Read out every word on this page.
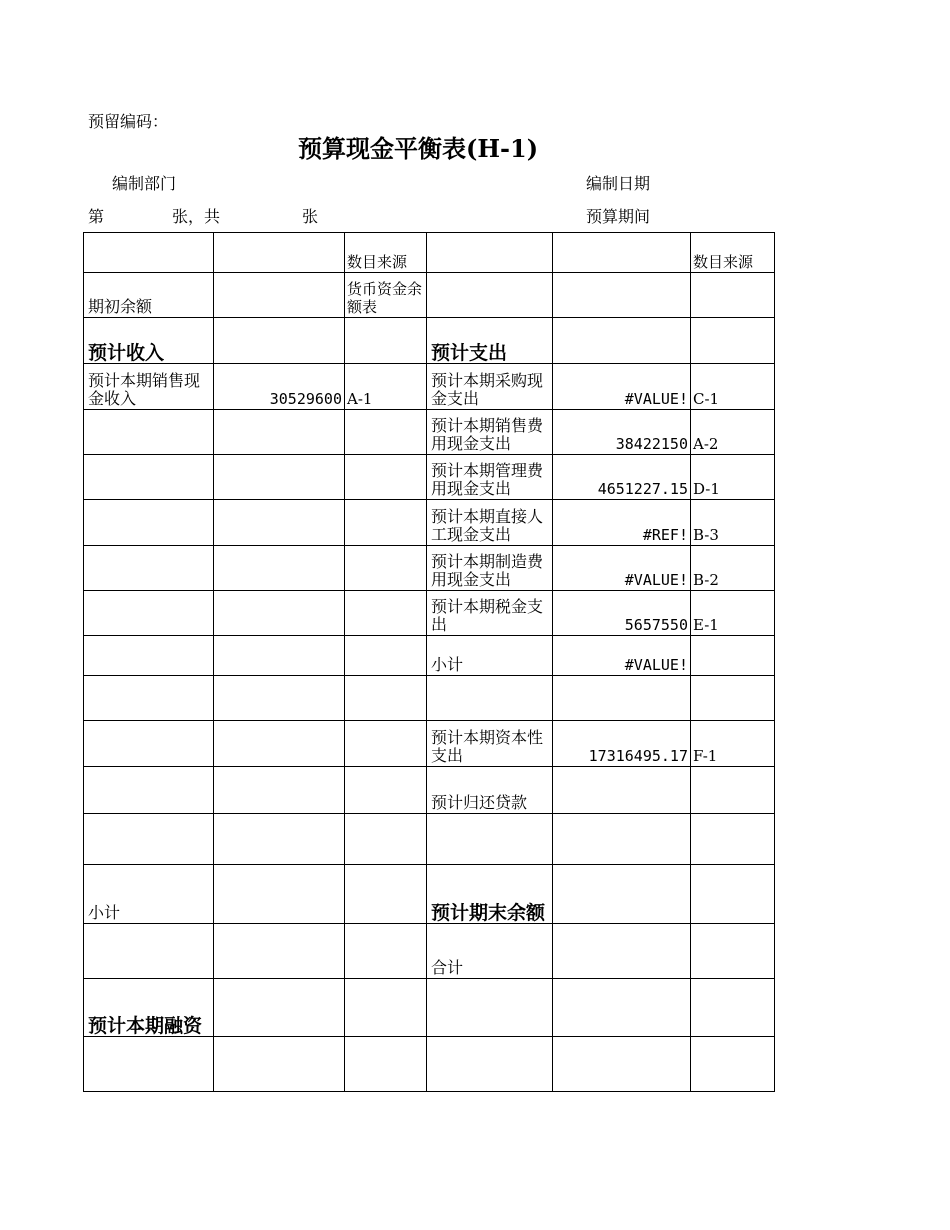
预留编码：
预算现金平衡表(H-1)
编制部门	编制日期
第	张，共	张	预算期间
		数目来源			数目来源
期初余额		货币资金余额表			
预计收入			预计支出		
预计本期销售现金收入	30529600	A-1	预计本期采购现金支出	#VALUE!	C-1
			预计本期销售费用现金支出	38422150	A-2
			预计本期管理费用现金支出	4651227.15	D-1
			预计本期直接人工现金支出	#REF!	B-3
			预计本期制造费用现金支出	#VALUE!	B-2
			预计本期税金支出	5657550	E-1
			小计	#VALUE!	

			预计本期资本性支出	17316495.17	F-1
			预计归还贷款		

小计			预计期末余额		
			合计		
预计本期融资					
